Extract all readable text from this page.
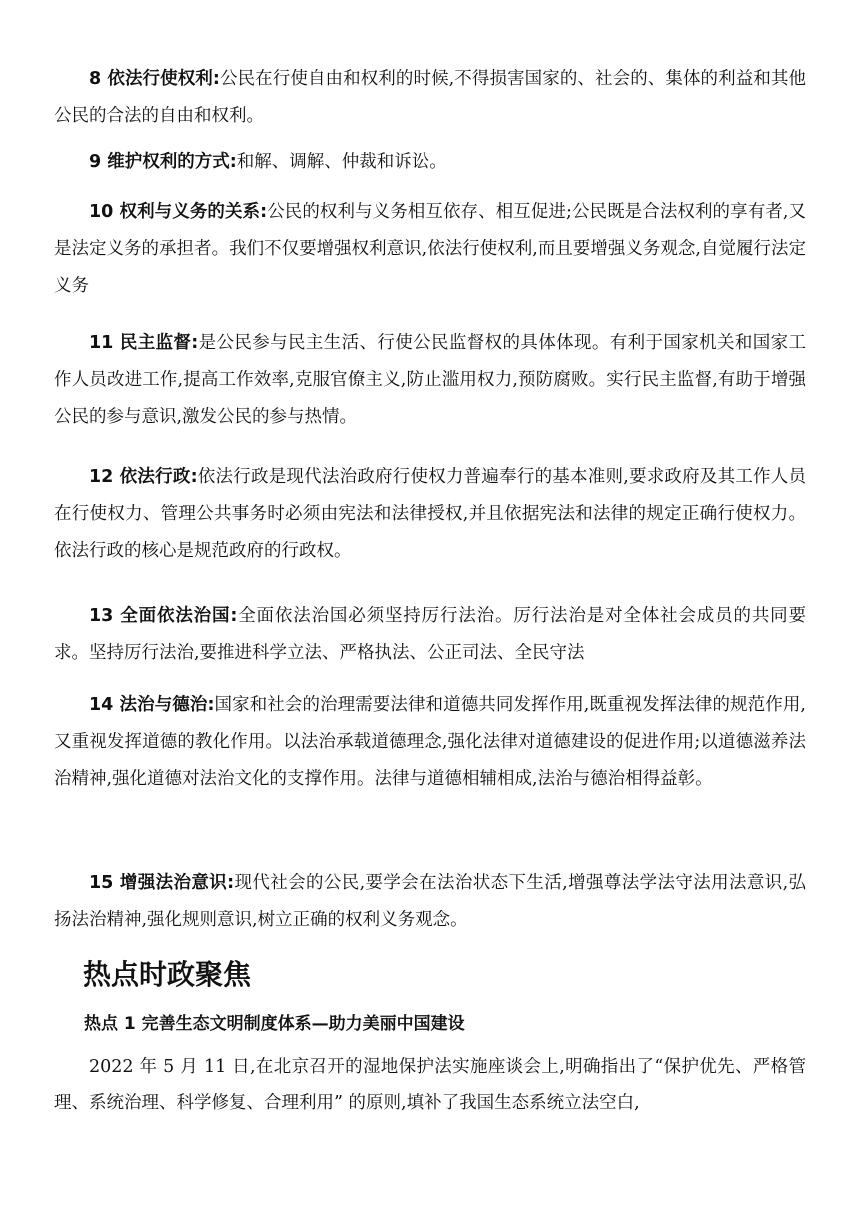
8 依法行使权利:公民在行使自由和权利的时候,不得损害国家的、社会的、集体的利益和其他公民的合法的自由和权利。

9 维护权利的方式:和解、调解、仲裁和诉讼。

10 权利与义务的关系:公民的权利与义务相互依存、相互促进;公民既是合法权利的享有者,又是法定义务的承担者。我们不仅要增强权利意识,依法行使权利,而且要增强义务观念,自觉履行法定义务

11 民主监督:是公民参与民主生活、行使公民监督权的具体体现。有利于国家机关和国家工作人员改进工作,提高工作效率,克服官僚主义,防止滥用权力,预防腐败。实行民主监督,有助于增强公民的参与意识,激发公民的参与热情。

12 依法行政:依法行政是现代法治政府行使权力普遍奉行的基本准则,要求政府及其工作人员在行使权力、管理公共事务时必须由宪法和法律授权,并且依据宪法和法律的规定正确行使权力。依法行政的核心是规范政府的行政权。

13 全面依法治国:全面依法治国必须坚持厉行法治。厉行法治是对全体社会成员的共同要求。坚持厉行法治,要推进科学立法、严格执法、公正司法、全民守法

14 法治与德治:国家和社会的治理需要法律和道德共同发挥作用,既重视发挥法律的规范作用,又重视发挥道德的教化作用。以法治承载道德理念,强化法律对道德建设的促进作用;以道德滋养法治精神,强化道德对法治文化的支撑作用。法律与道德相辅相成,法治与德治相得益彰。

15 增强法治意识:现代社会的公民,要学会在法治状态下生活,增强尊法学法守法用法意识,弘扬法治精神,强化规则意识,树立正确的权利义务观念。

热点时政聚焦
热点 1 完善生态文明制度体系—助力美丽中国建设

2022 年 5 月 11 日,在北京召开的湿地保护法实施座谈会上,明确指出了“保护优先、严格管理、系统治理、科学修复、合理利用” 的原则,填补了我国生态系统立法空白,
